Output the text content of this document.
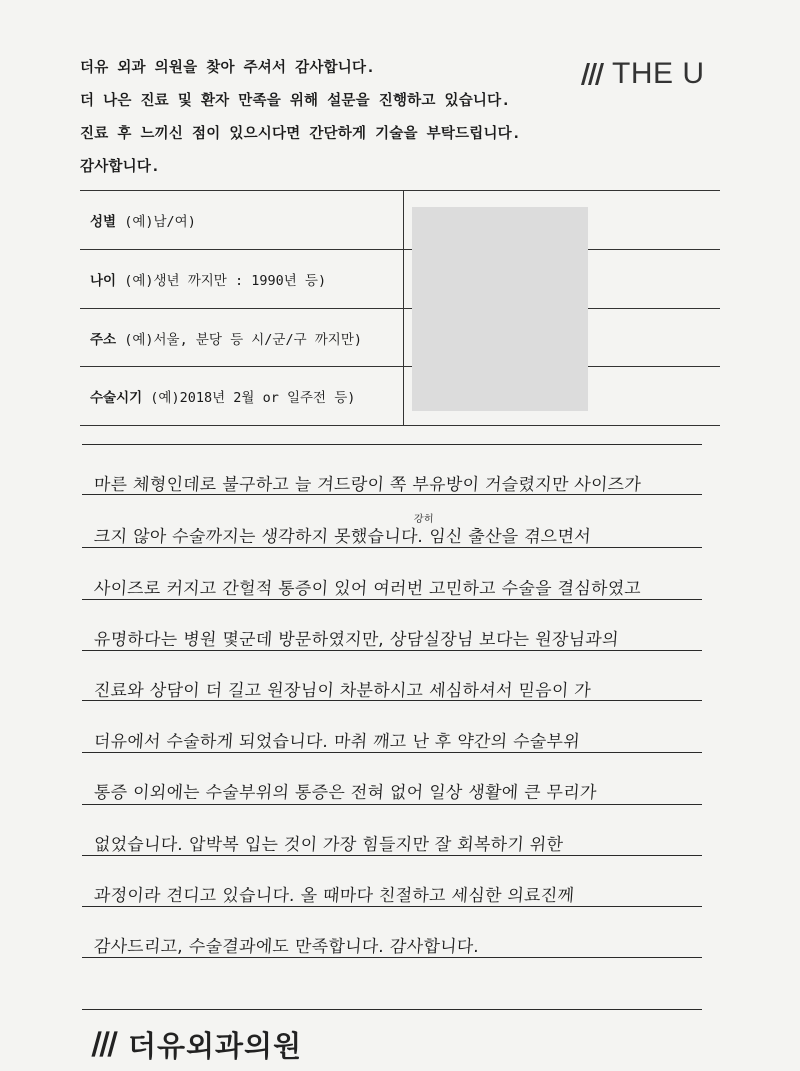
더유 외과 의원을 찾아 주셔서 감사합니다.
더 나은 진료 및 환자 만족을 위해 설문을 진행하고 있습니다.
진료 후 느끼신 점이 있으시다면 간단하게 기술을 부탁드립니다.
감사합니다.
THE U
성별 (예)남/여)
나이 (예)생년 까지만 : 1990년 등)
주소 (예)서울, 분당 등 시/군/구 까지만)
수술시기 (예)2018년 2월 or 일주전 등)
마른 체형인데로 불구하고 늘 겨드랑이 쪽 부유방이 거슬렸지만 사이즈가
강히
크지 않아 수술까지는 생각하지 못했습니다. 임신 출산을 겪으면서
사이즈로 커지고 간헐적 통증이 있어 여러번 고민하고 수술을 결심하였고
유명하다는 병원 몇군데 방문하였지만, 상담실장님 보다는 원장님과의
진료와 상담이 더 길고 원장님이 차분하시고 세심하셔서 믿음이 가
더유에서 수술하게 되었습니다. 마취 깨고 난 후 약간의 수술부위
통증 이외에는 수술부위의 통증은 전혀 없어 일상 생활에 큰 무리가
없었습니다. 압박복 입는 것이 가장 힘들지만 잘 회복하기 위한
과정이라 견디고 있습니다. 올 때마다 친절하고 세심한 의료진께
감사드리고, 수술결과에도 만족합니다. 감사합니다.
더유외과의원
